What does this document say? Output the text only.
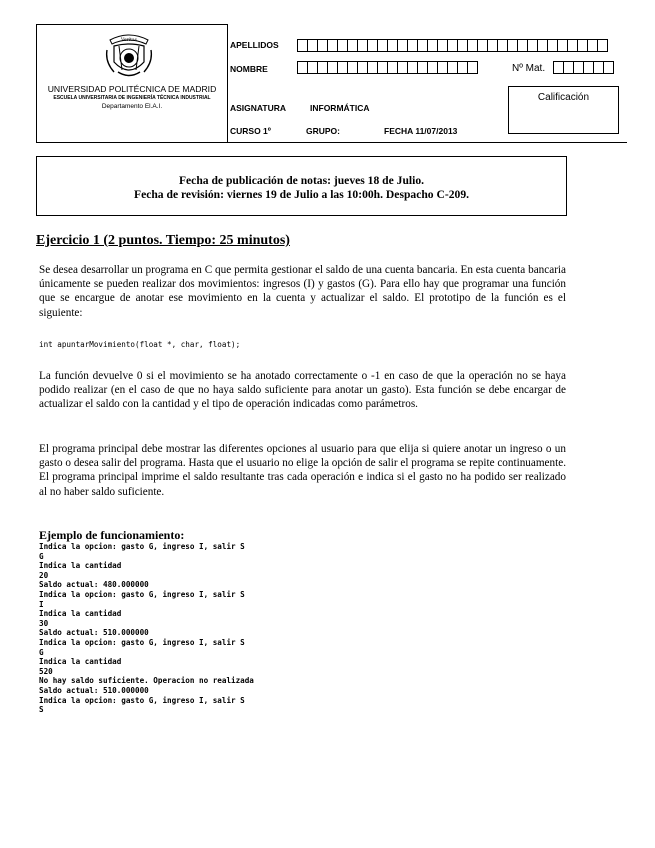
Veritas
UNIVERSIDAD POLITÉCNICA DE MADRID
ESCUELA UNIVERSITARIA DE INGENIERÍA TÉCNICA INDUSTRIAL
Departamento El.A.I.
APELLIDOS
NOMBRE	Nº Mat.
Calificación
ASIGNATURA	INFORMÁTICA
CURSO 1º	GRUPO:	FECHA 11/07/2013
Fecha de publicación de notas: jueves 18 de Julio.
Fecha de revisión: viernes 19 de Julio a las 10:00h. Despacho C-209.
Ejercicio 1 (2 puntos. Tiempo: 25 minutos)
Se desea desarrollar un programa en C que permita gestionar el saldo de una cuenta bancaria. En esta cuenta bancaria únicamente se pueden realizar dos movimientos: ingresos (I) y gastos (G). Para ello hay que programar una función que se encargue de anotar ese movimiento en la cuenta y actualizar el saldo. El prototipo de la función es el siguiente:
int apuntarMovimiento(float *, char, float);
La función devuelve 0 si el movimiento se ha anotado correctamente o -1 en caso de que la operación no se haya podido realizar (en el caso de que no haya saldo suficiente para anotar un gasto). Esta función se debe encargar de actualizar el saldo con la cantidad y el tipo de operación indicadas como parámetros.
El programa principal debe mostrar las diferentes opciones al usuario para que elija si quiere anotar un ingreso o un gasto o desea salir del programa. Hasta que el usuario no elige la opción de salir el programa se repite continuamente. El programa principal imprime el saldo resultante tras cada operación e indica si el gasto no ha podido ser realizado al no haber saldo suficiente.
Ejemplo de funcionamiento:
Indica la opcion: gasto G, ingreso I, salir S
G
Indica la cantidad
20
Saldo actual: 480.000000
Indica la opcion: gasto G, ingreso I, salir S
I
Indica la cantidad
30
Saldo actual: 510.000000
Indica la opcion: gasto G, ingreso I, salir S
G
Indica la cantidad
520
No hay saldo suficiente. Operacion no realizada
Saldo actual: 510.000000
Indica la opcion: gasto G, ingreso I, salir S
S
